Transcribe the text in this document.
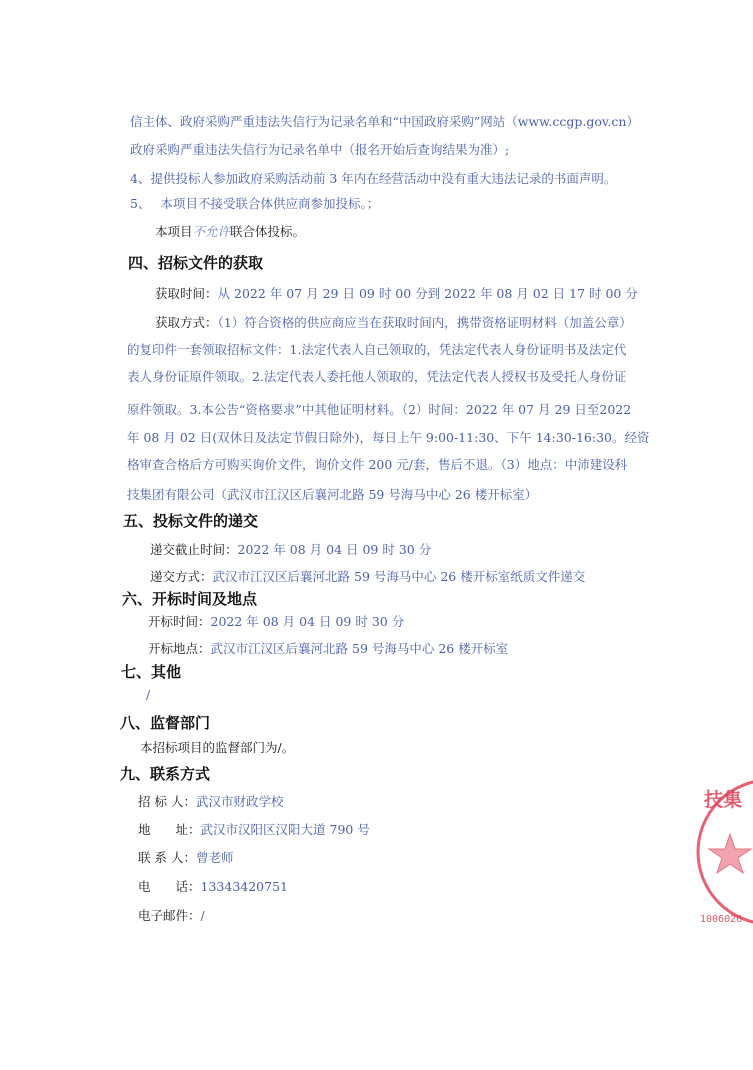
信主体、政府采购严重违法失信行为记录名单和“中国政府采购”网站（www.ccgp.gov.cn）
政府采购严重违法失信行为记录名单中（报名开始后查询结果为准）;
4、提供投标人参加政府采购活动前 3 年内在经营活动中没有重大违法记录的书面声明。
5、 本项目不接受联合体供应商参加投标。；
本项目不允许联合体投标。
四、招标文件的获取
获取时间：从 2022 年 07 月 29 日 09 时 00 分到 2022 年 08 月 02 日 17 时 00 分
获取方式：（1）符合资格的供应商应当在获取时间内，携带资格证明材料（加盖公章）
的复印件一套领取招标文件：1.法定代表人自己领取的，凭法定代表人身份证明书及法定代
表人身份证原件领取。2.法定代表人委托他人领取的，凭法定代表人授权书及受托人身份证
原件领取。3.本公告“资格要求”中其他证明材料。（2）时间：2022 年 07 月 29 日至2022
年 08 月 02 日(双休日及法定节假日除外)，每日上午 9:00-11:30、下午 14:30-16:30。经资
格审查合格后方可购买询价文件，询价文件 200 元/套，售后不退。（3）地点：中沛建设科
技集团有限公司（武汉市江汉区后襄河北路 59 号海马中心 26 楼开标室）
五、投标文件的递交
递交截止时间：2022 年 08 月 04 日 09 时 30 分
递交方式：武汉市江汉区后襄河北路 59 号海马中心 26 楼开标室纸质文件递交
六、开标时间及地点
开标时间：2022 年 08 月 04 日 09 时 30 分
开标地点：武汉市江汉区后襄河北路 59 号海马中心 26 楼开标室
七、其他
/
八、监督部门
本招标项目的监督部门为/。
九、联系方式
招 标 人：武汉市财政学校
地　　址：武汉市汉阳区汉阳大道 790 号
联 系 人：曾老师
电　　话：13343420751
电子邮件：/
技集
1006026
